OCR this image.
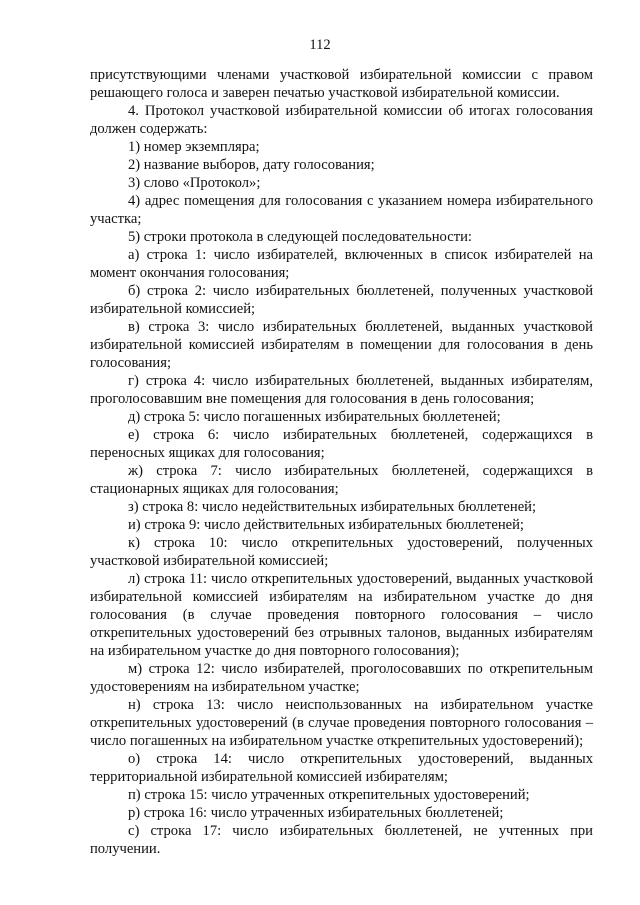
112

присутствующими членами участковой избирательной комиссии с правом решающего голоса и заверен печатью участковой избирательной комиссии.

4. Протокол участковой избирательной комиссии об итогах голосования должен содержать:

1) номер экземпляра;

2) название выборов, дату голосования;

3) слово «Протокол»;

4) адрес помещения для голосования с указанием номера избирательного участка;

5) строки протокола в следующей последовательности:

а) строка 1: число избирателей, включенных в список избирателей на момент окончания голосования;

б) строка 2: число избирательных бюллетеней, полученных участковой избирательной комиссией;

в) строка 3: число избирательных бюллетеней, выданных участковой избирательной комиссией избирателям в помещении для голосования в день голосования;

г) строка 4: число избирательных бюллетеней, выданных избирателям, проголосовавшим вне помещения для голосования в день голосования;

д) строка 5: число погашенных избирательных бюллетеней;

е) строка 6: число избирательных бюллетеней, содержащихся в переносных ящиках для голосования;

ж) строка 7: число избирательных бюллетеней, содержащихся в стационарных ящиках для голосования;

з) строка 8: число недействительных избирательных бюллетеней;

и) строка 9: число действительных избирательных бюллетеней;

к) строка 10: число открепительных удостоверений, полученных участковой избирательной комиссией;

л) строка 11: число открепительных удостоверений, выданных участковой избирательной комиссией избирателям на избирательном участке до дня голосования (в случае проведения повторного голосования – число открепительных удостоверений без отрывных талонов, выданных избирателям на избирательном участке до дня повторного голосования);

м) строка 12: число избирателей, проголосовавших по открепительным удостоверениям на избирательном участке;

н) строка 13: число неиспользованных на избирательном участке открепительных удостоверений (в случае проведения повторного голосования – число погашенных на избирательном участке открепительных удостоверений);

о) строка 14: число открепительных удостоверений, выданных территориальной избирательной комиссией избирателям;

п) строка 15: число утраченных открепительных удостоверений;

р) строка 16: число утраченных избирательных бюллетеней;

с) строка 17: число избирательных бюллетеней, не учтенных при получении.
